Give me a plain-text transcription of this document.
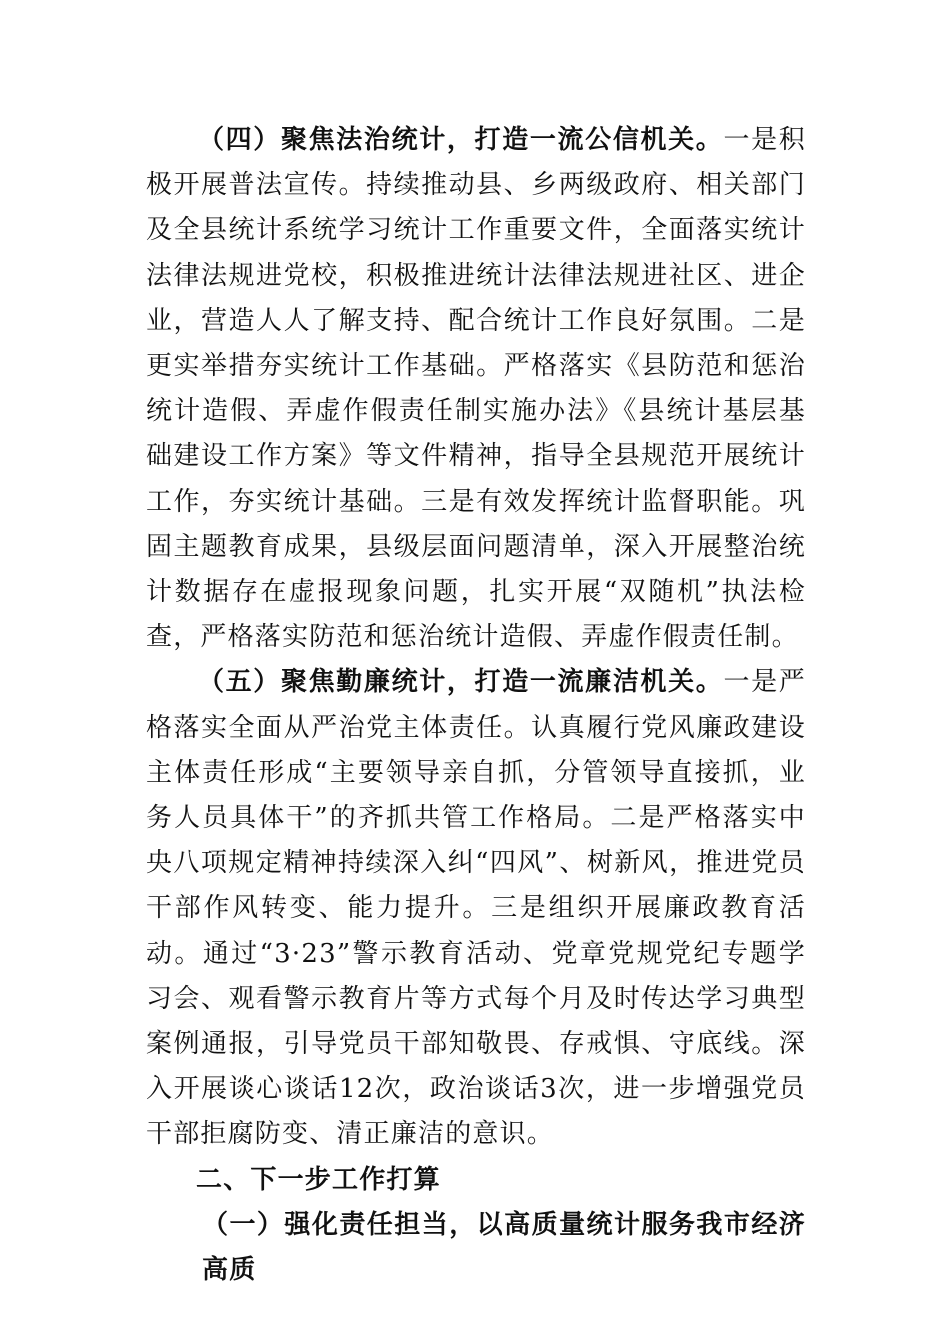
（四）聚焦法治统计，打造一流公信机关。一是积极开展普法宣传。持续推动县、乡两级政府、相关部门及全县统计系统学习统计工作重要文件，全面落实统计法律法规进党校，积极推进统计法律法规进社区、进企业，营造人人了解支持、配合统计工作良好氛围。二是更实举措夯实统计工作基础。严格落实《县防范和惩治统计造假、弄虚作假责任制实施办法》《县统计基层基础建设工作方案》等文件精神，指导全县规范开展统计工作，夯实统计基础。三是有效发挥统计监督职能。巩固主题教育成果，县级层面问题清单，深入开展整治统计数据存在虚报现象问题，扎实开展“双随机”执法检查，严格落实防范和惩治统计造假、弄虚作假责任制。

（五）聚焦勤廉统计，打造一流廉洁机关。一是严格落实全面从严治党主体责任。认真履行党风廉政建设主体责任形成“主要领导亲自抓，分管领导直接抓，业务人员具体干”的齐抓共管工作格局。二是严格落实中央八项规定精神持续深入纠“四风”、树新风，推进党员干部作风转变、能力提升。三是组织开展廉政教育活动。通过“3·23”警示教育活动、党章党规党纪专题学习会、观看警示教育片等方式每个月及时传达学习典型案例通报，引导党员干部知敬畏、存戒惧、守底线。深入开展谈心谈话12次，政治谈话3次，进一步增强党员干部拒腐防变、清正廉洁的意识。

二、下一步工作打算

（一）强化责任担当，以高质量统计服务我市经济高质
